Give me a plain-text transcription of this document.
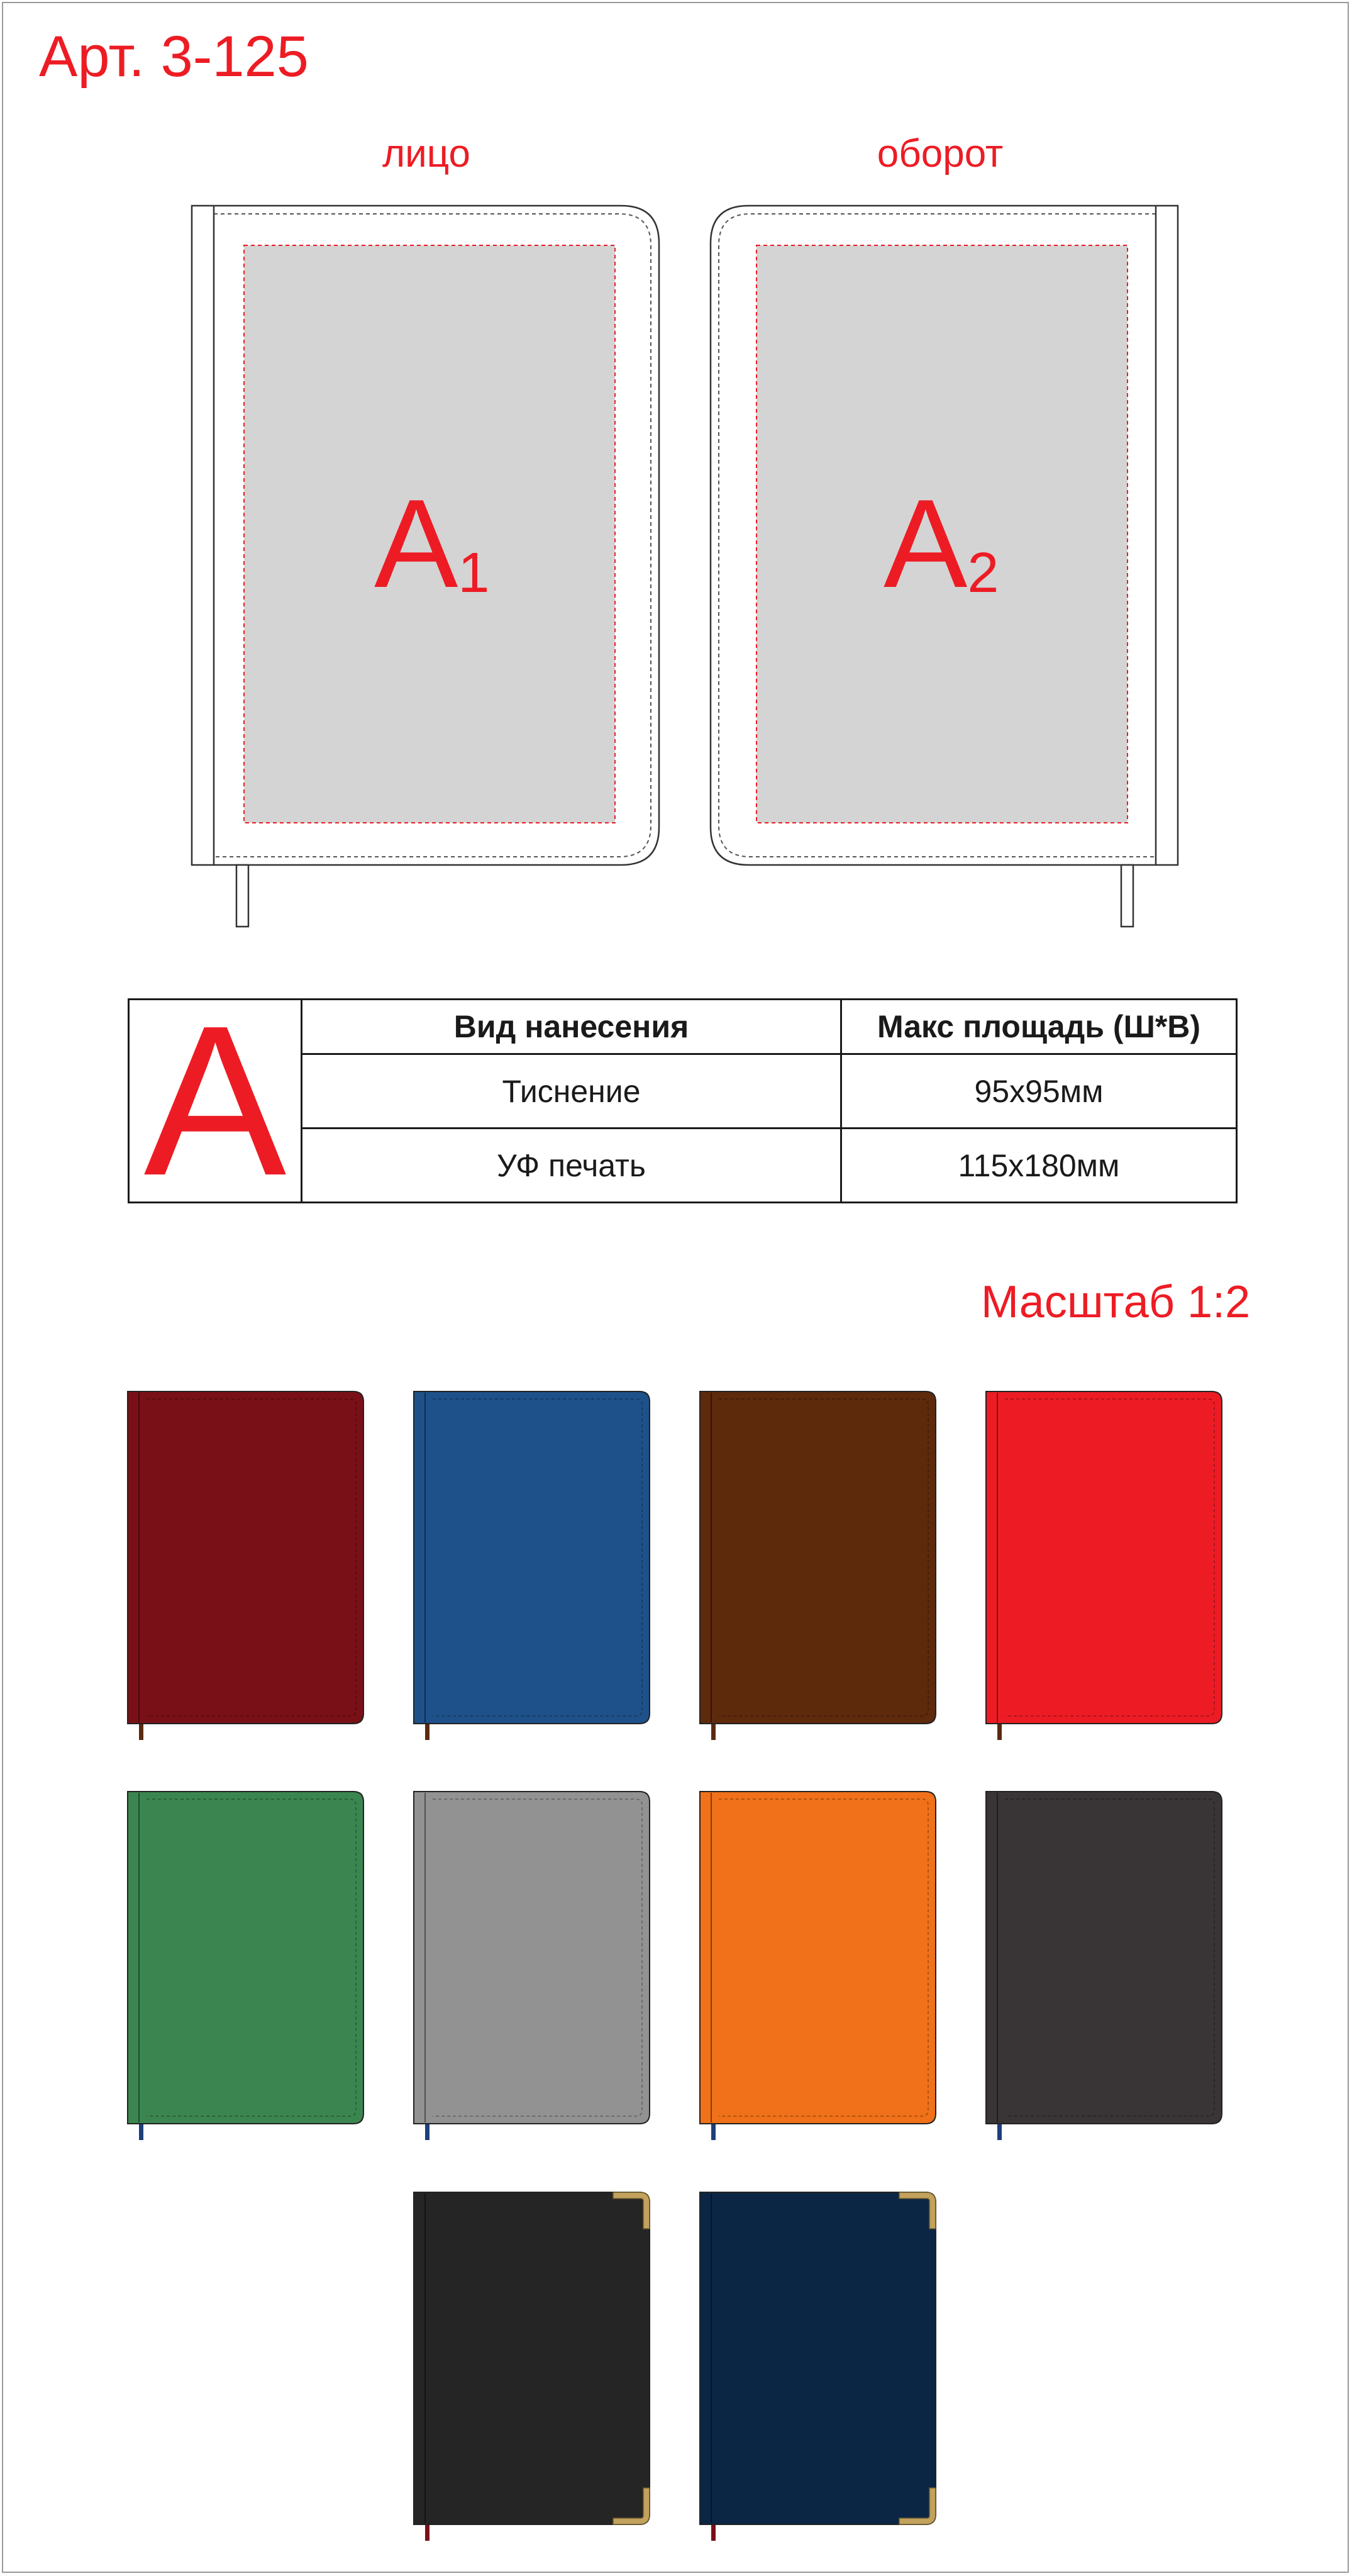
Арт. 3-125
лицо	оборот
$A_1$	$A_2$
A	Вид нанесения	Макс площадь (Ш*В)
	Тиснение	95x95мм
	УФ печать	115x180мм
Масштаб 1:2
